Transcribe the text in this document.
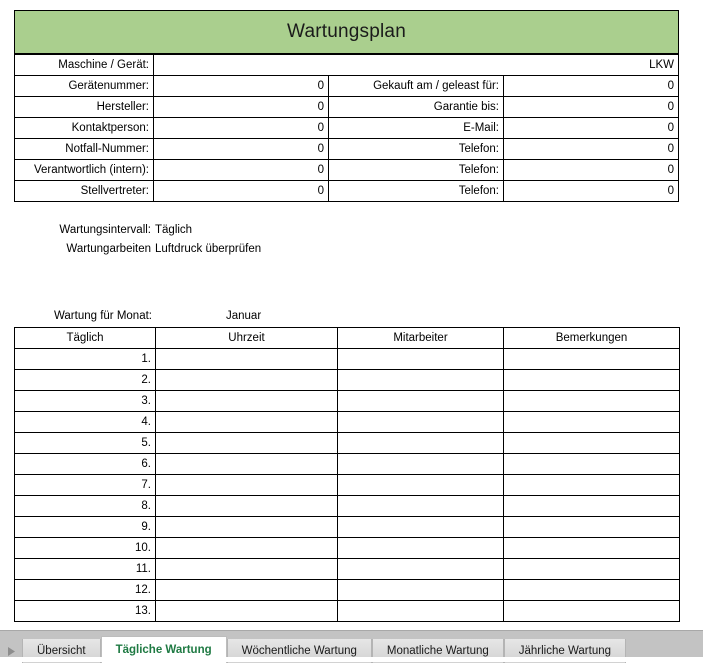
Wartungsplan
Maschine / Gerät:	LKW		
Gerätenummer:	0	Gekauft am / geleast für:	0
Hersteller:	0	Garantie bis:	0
Kontaktperson:	0	E-Mail:	0
Notfall-Nummer:	0	Telefon:	0
Verantwortlich (intern):	0	Telefon:	0
Stellvertreter:	0	Telefon:	0
Wartungsintervall: Täglich
Wartungarbeiten Luftdruck überprüfen
Wartung für Monat:	Januar
Täglich	Uhrzeit	Mitarbeiter	Bemerkungen
1.			
2.			
3.			
4.			
5.			
6.			
7.			
8.			
9.			
10.			
11.			
12.			
13.			
Übersicht	Tägliche Wartung	Wöchentliche Wartung	Monatliche Wartung	Jährliche Wartung
